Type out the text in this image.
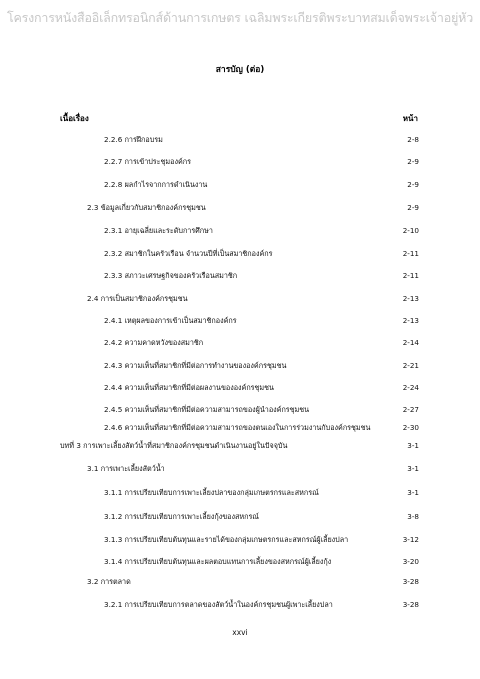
โครงการหนังสืออิเล็กทรอนิกส์ด้านการเกษตร เฉลิมพระเกียรติพระบาทสมเด็จพระเจ้าอยู่หัว
สารบัญ (ต่อ)
เนื้อเรื่อง	หน้า
2.2.6 การฝึกอบรม	2-8
2.2.7 การเข้าประชุมองค์กร	2-9
2.2.8 ผลกำไรจากการดำเนินงาน	2-9
2.3 ข้อมูลเกี่ยวกับสมาชิกองค์กรชุมชน	2-9
2.3.1 อายุเฉลี่ยและระดับการศึกษา	2-10
2.3.2 สมาชิกในครัวเรือน จำนวนปีที่เป็นสมาชิกองค์กร	2-11
2.3.3 สภาวะเศรษฐกิจของครัวเรือนสมาชิก	2-11
2.4 การเป็นสมาชิกองค์กรชุมชน	2-13
2.4.1 เหตุผลของการเข้าเป็นสมาชิกองค์กร	2-13
2.4.2 ความคาดหวังของสมาชิก	2-14
2.4.3 ความเห็นที่สมาชิกที่มีต่อการทำงานขององค์กรชุมชน	2-21
2.4.4 ความเห็นที่สมาชิกที่มีต่อผลงานขององค์กรชุมชน	2-24
2.4.5 ความเห็นที่สมาชิกที่มีต่อความสามารถของผู้นำองค์กรชุมชน	2-27
2.4.6 ความเห็นที่สมาชิกที่มีต่อความสามารถของตนเองในการร่วมงานกับองค์กรชุมชน	2-30
บทที่ 3 การเพาะเลี้ยงสัตว์น้ำที่สมาชิกองค์กรชุมชนดำเนินงานอยู่ในปัจจุบัน	3-1
3.1 การเพาะเลี้ยงสัตว์น้ำ	3-1
3.1.1 การเปรียบเทียบการเพาะเลี้ยงปลาของกลุ่มเกษตรกรและสหกรณ์	3-1
3.1.2 การเปรียบเทียบการเพาะเลี้ยงกุ้งของสหกรณ์	3-8
3.1.3 การเปรียบเทียบต้นทุนและรายได้ของกลุ่มเกษตรกรและสหกรณ์ผู้เลี้ยงปลา	3-12
3.1.4 การเปรียบเทียบต้นทุนและผลตอบแทนการเลี้ยงของสหกรณ์ผู้เลี้ยงกุ้ง	3-20
3.2 การตลาด	3-28
3.2.1 การเปรียบเทียบการตลาดของสัตว์น้ำในองค์กรชุมชนผู้เพาะเลี้ยงปลา	3-28
xxvi
